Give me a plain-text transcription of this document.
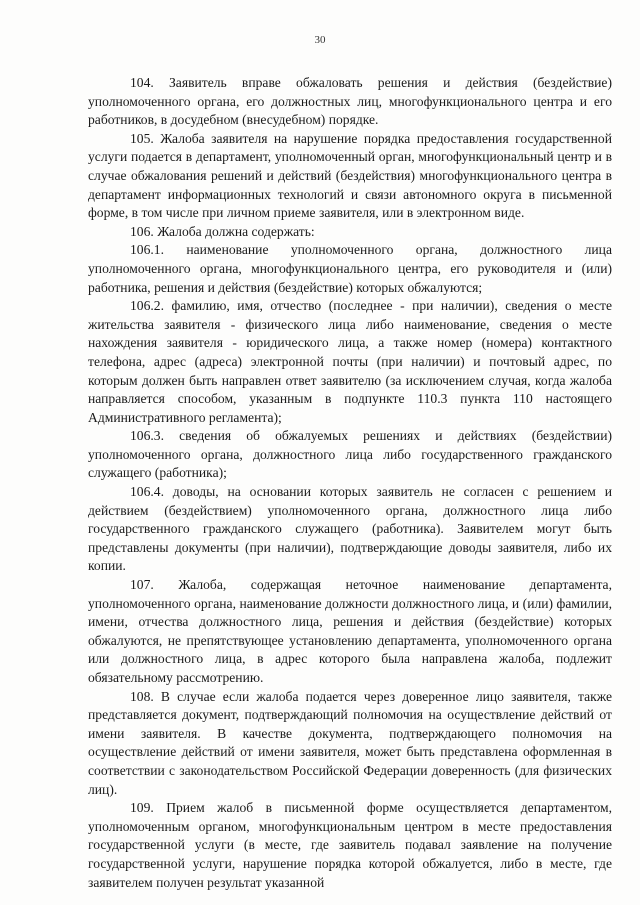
30

104. Заявитель вправе обжаловать решения и действия (бездействие) уполномоченного органа, его должностных лиц, многофункционального центра и его работников, в досудебном (внесудебном) порядке.

105. Жалоба заявителя на нарушение порядка предоставления государственной услуги подается в департамент, уполномоченный орган, многофункциональный центр и в случае обжалования решений и действий (бездействия) многофункционального центра в департамент информационных технологий и связи автономного округа в письменной форме, в том числе при личном приеме заявителя, или в электронном виде.

106. Жалоба должна содержать:

106.1. наименование уполномоченного органа, должностного лица уполномоченного органа, многофункционального центра, его руководителя и (или) работника, решения и действия (бездействие) которых обжалуются;

106.2. фамилию, имя, отчество (последнее - при наличии), сведения о месте жительства заявителя - физического лица либо наименование, сведения о месте нахождения заявителя - юридического лица, а также номер (номера) контактного телефона, адрес (адреса) электронной почты (при наличии) и почтовый адрес, по которым должен быть направлен ответ заявителю (за исключением случая, когда жалоба направляется способом, указанным в подпункте 110.3 пункта 110 настоящего Административного регламента);

106.3. сведения об обжалуемых решениях и действиях (бездействии) уполномоченного органа, должностного лица либо государственного гражданского служащего (работника);

106.4. доводы, на основании которых заявитель не согласен с решением и действием (бездействием) уполномоченного органа, должностного лица либо государственного гражданского служащего (работника). Заявителем могут быть представлены документы (при наличии), подтверждающие доводы заявителя, либо их копии.

107. Жалоба, содержащая неточное наименование департамента, уполномоченного органа, наименование должности должностного лица, и (или) фамилии, имени, отчества должностного лица, решения и действия (бездействие) которых обжалуются, не препятствующее установлению департамента, уполномоченного органа или должностного лица, в адрес которого была направлена жалоба, подлежит обязательному рассмотрению.

108. В случае если жалоба подается через доверенное лицо заявителя, также представляется документ, подтверждающий полномочия на осуществление действий от имени заявителя. В качестве документа, подтверждающего полномочия на осуществление действий от имени заявителя, может быть представлена оформленная в соответствии с законодательством Российской Федерации доверенность (для физических лиц).

109. Прием жалоб в письменной форме осуществляется департаментом, уполномоченным органом, многофункциональным центром в месте предоставления государственной услуги (в месте, где заявитель подавал заявление на получение государственной услуги, нарушение порядка которой обжалуется, либо в месте, где заявителем получен результат указанной
